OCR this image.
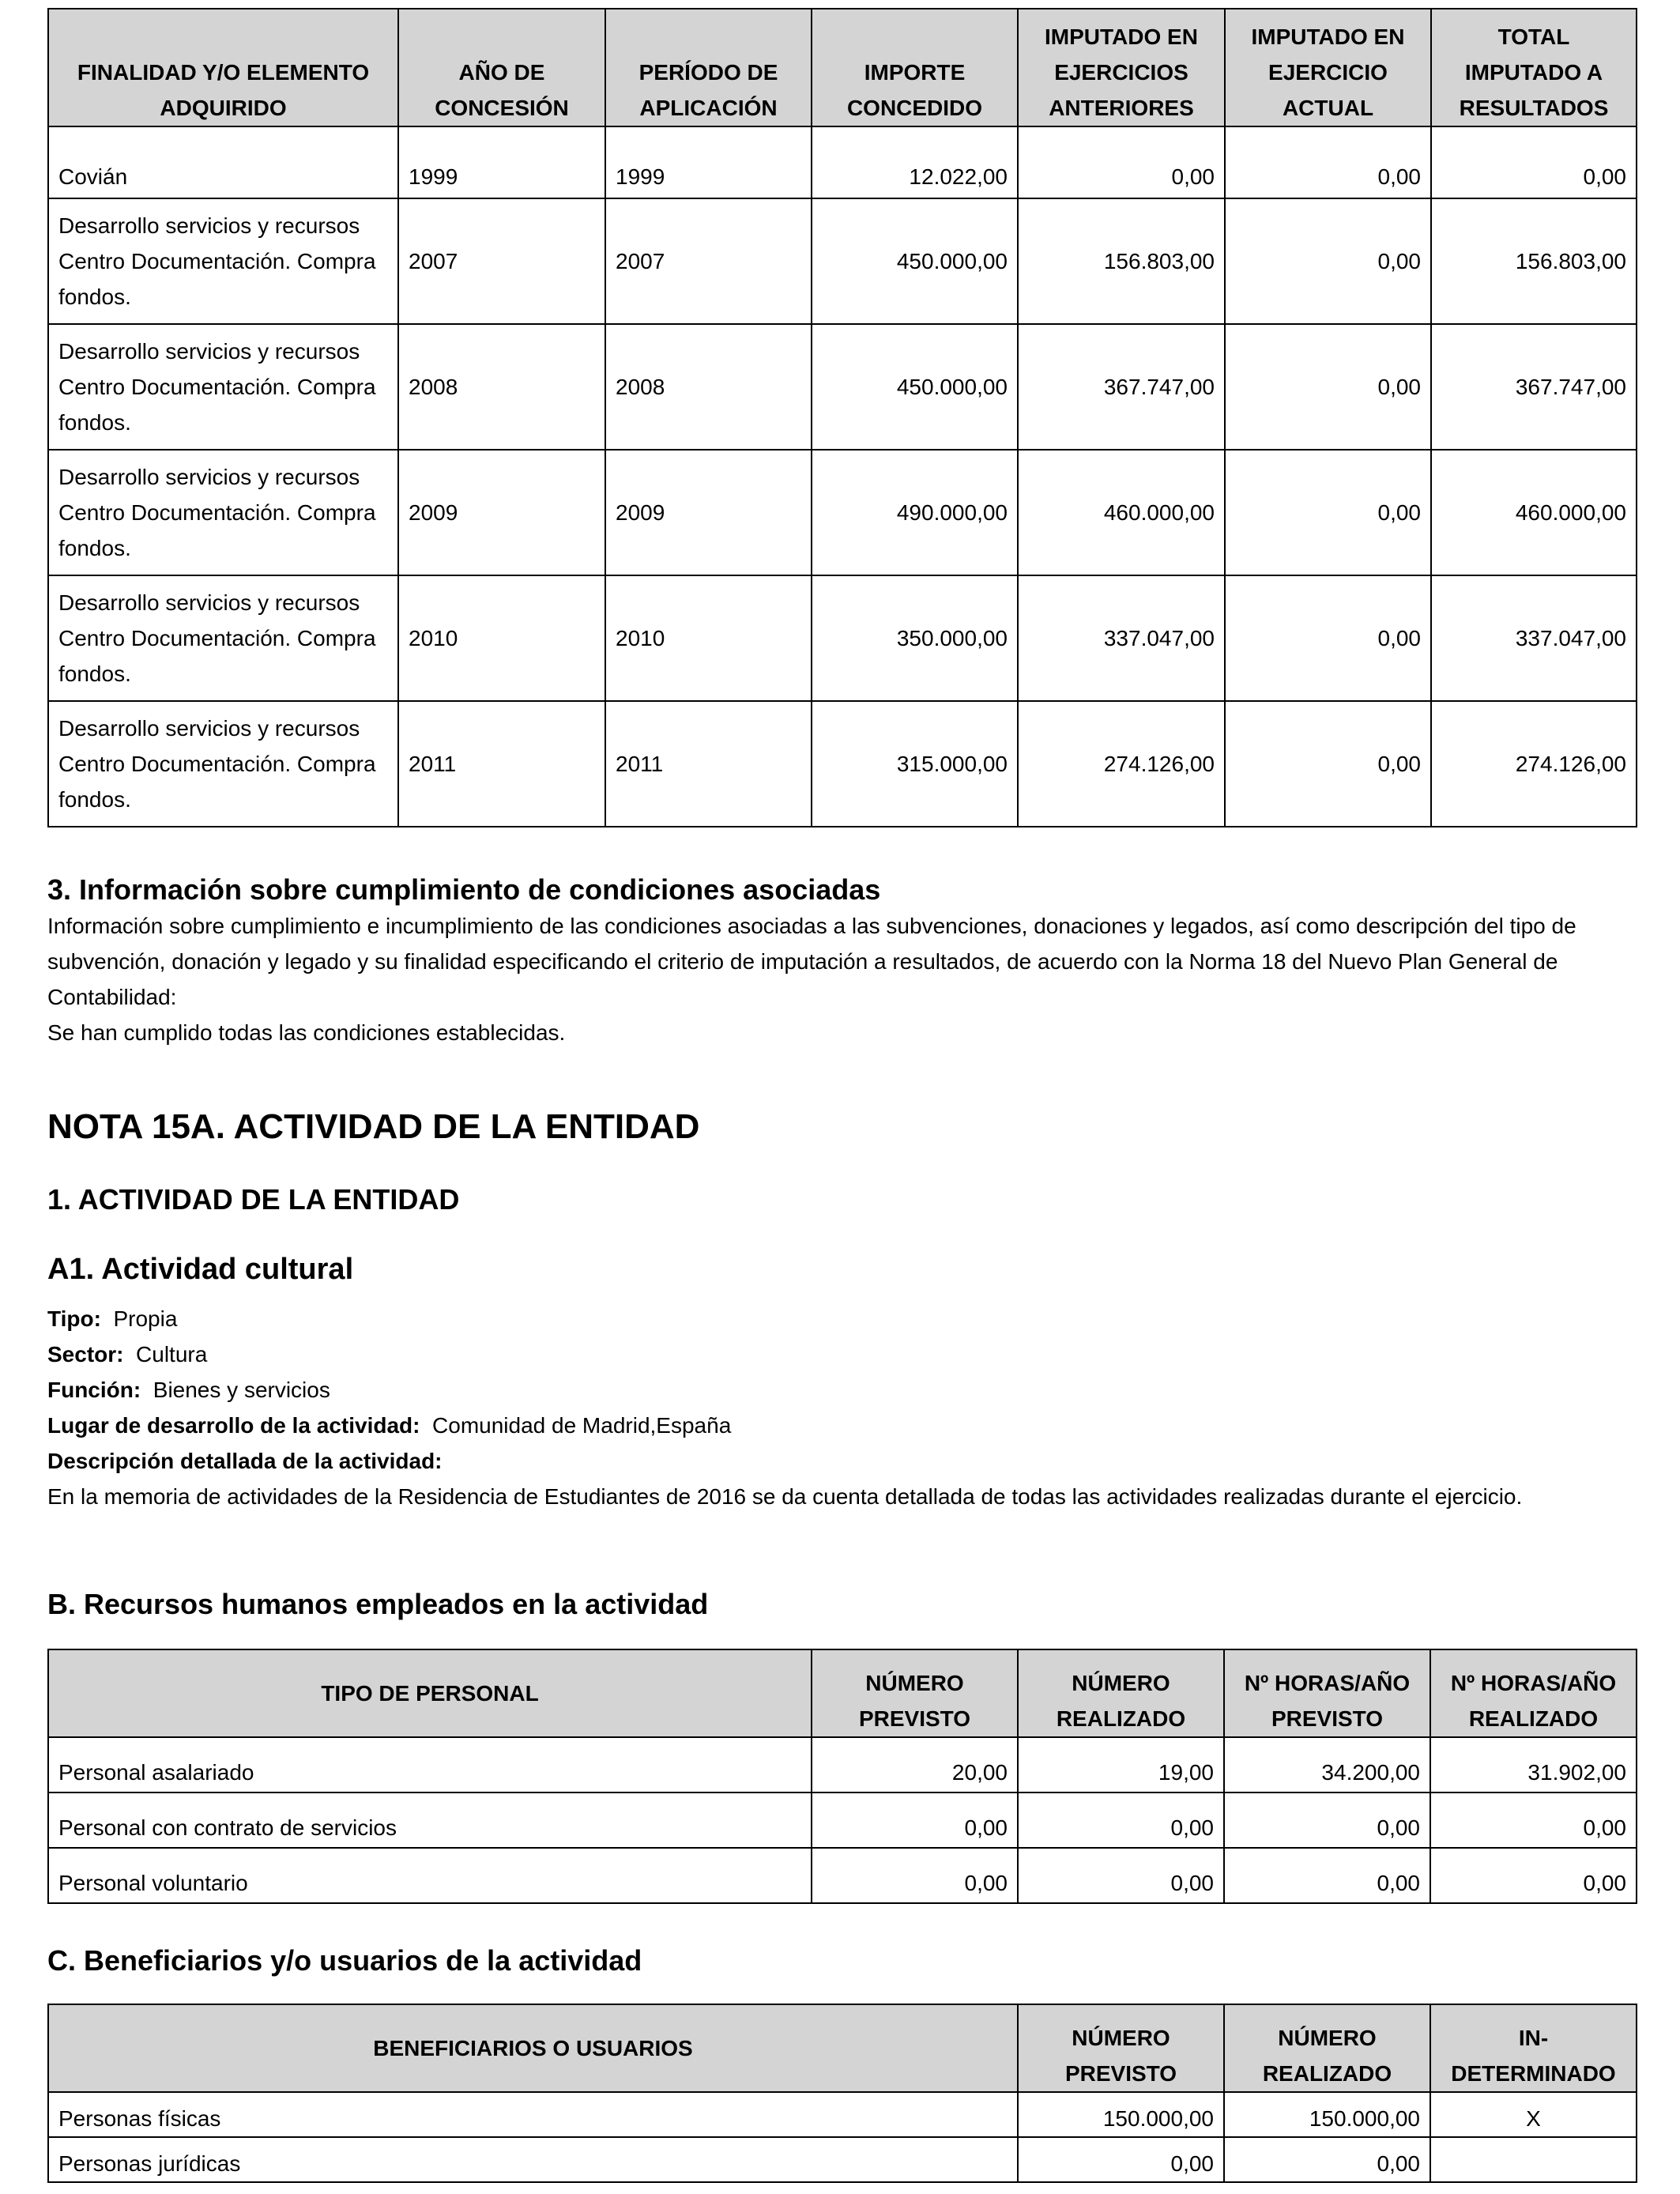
FINALIDAD Y/O ELEMENTO ADQUIRIDO	AÑO DE CONCESIÓN	PERÍODO DE APLICACIÓN	IMPORTE CONCEDIDO	IMPUTADO EN EJERCICIOS ANTERIORES	IMPUTADO EN EJERCICIO ACTUAL	TOTAL IMPUTADO A RESULTADOS
Covián	1999	1999	12.022,00	0,00	0,00	0,00
Desarrollo servicios y recursos Centro Documentación. Compra fondos.	2007	2007	450.000,00	156.803,00	0,00	156.803,00
Desarrollo servicios y recursos Centro Documentación. Compra fondos.	2008	2008	450.000,00	367.747,00	0,00	367.747,00
Desarrollo servicios y recursos Centro Documentación. Compra fondos.	2009	2009	490.000,00	460.000,00	0,00	460.000,00
Desarrollo servicios y recursos Centro Documentación. Compra fondos.	2010	2010	350.000,00	337.047,00	0,00	337.047,00
Desarrollo servicios y recursos Centro Documentación. Compra fondos.	2011	2011	315.000,00	274.126,00	0,00	274.126,00
3. Información sobre cumplimiento de condiciones asociadas

Información sobre cumplimiento e incumplimiento de las condiciones asociadas a las subvenciones, donaciones y legados, así como descripción del tipo de subvención, donación y legado y su finalidad especificando el criterio de imputación a resultados, de acuerdo con la Norma 18 del Nuevo Plan General de Contabilidad:

Se han cumplido todas las condiciones establecidas.

NOTA 15A. ACTIVIDAD DE LA ENTIDAD
1. ACTIVIDAD DE LA ENTIDAD
A1. Actividad cultural
Tipo: Propia
Sector: Cultura
Función: Bienes y servicios
Lugar de desarrollo de la actividad: Comunidad de Madrid,España
Descripción detallada de la actividad:
En la memoria de actividades de la Residencia de Estudiantes de 2016 se da cuenta detallada de todas las actividades realizadas durante el ejercicio.
B. Recursos humanos empleados en la actividad
TIPO DE PERSONAL	NÚMERO PREVISTO	NÚMERO REALIZADO	Nº HORAS/AÑO PREVISTO	Nº HORAS/AÑO REALIZADO
Personal asalariado	20,00	19,00	34.200,00	31.902,00
Personal con contrato de servicios	0,00	0,00	0,00	0,00
Personal voluntario	0,00	0,00	0,00	0,00
C. Beneficiarios y/o usuarios de la actividad
BENEFICIARIOS O USUARIOS	NÚMERO PREVISTO	NÚMERO REALIZADO	IN-DETERMINADO
Personas físicas	150.000,00	150.000,00	X
Personas jurídicas	0,00	0,00	
